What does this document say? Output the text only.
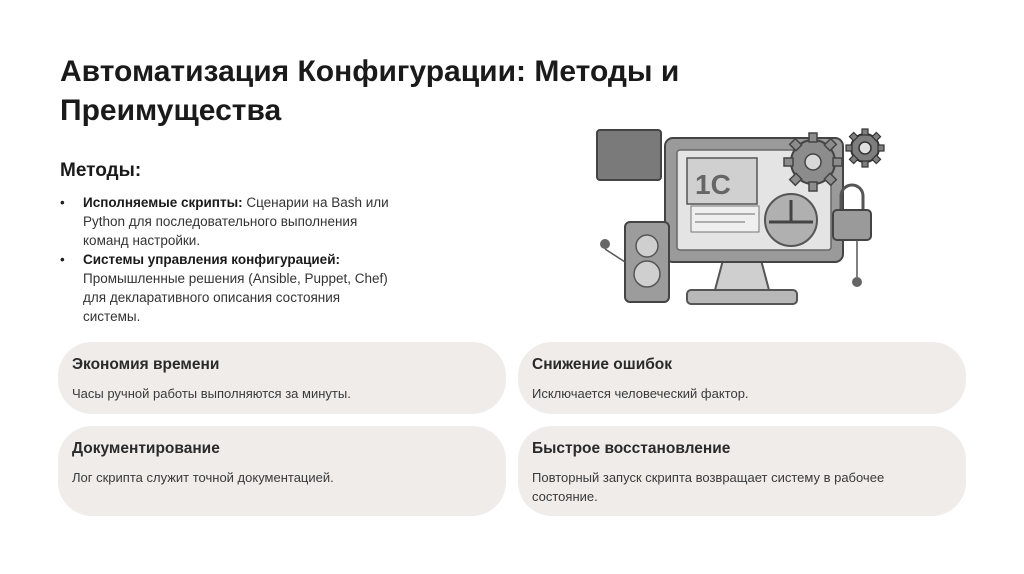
Автоматизация Конфигурации: Методы и Преимущества
Методы:
• Исполняемые скрипты: Сценарии на Bash или Python для последовательного выполнения команд настройки.
• Системы управления конфигурацией: Промышленные решения (Ansible, Puppet, Chef) для декларативного описания состояния системы.
1С
Экономия времени
Часы ручной работы выполняются за минуты.
Снижение ошибок
Исключается человеческий фактор.
Документирование
Лог скрипта служит точной документацией.
Быстрое восстановление
Повторный запуск скрипта возвращает систему в рабочее состояние.
